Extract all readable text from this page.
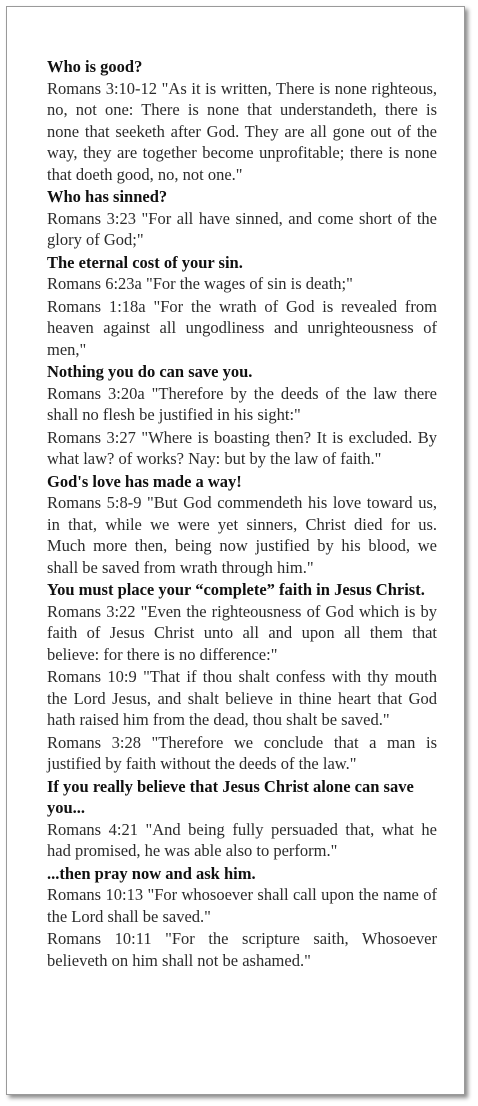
Who is good?

Romans 3:10-12 "As it is written, There is none righteous, no, not one: There is none that understandeth, there is none that seeketh after God. They are all gone out of the way, they are together become unprofitable; there is none that doeth good, no, not one."

Who has sinned?

Romans 3:23 "For all have sinned, and come short of the glory of God;"

The eternal cost of your sin.

Romans 6:23a "For the wages of sin is death;"

Romans 1:18a "For the wrath of God is revealed from heaven against all ungodliness and unrighteousness of men,"

Nothing you do can save you.

Romans 3:20a "Therefore by the deeds of the law there shall no flesh be justified in his sight:"

Romans 3:27 "Where is boasting then? It is excluded. By what law? of works? Nay: but by the law of faith."

God's love has made a way!

Romans 5:8-9 "But God commendeth his love toward us, in that, while we were yet sinners, Christ died for us. Much more then, being now justified by his blood, we shall be saved from wrath through him."

You must place your “complete” faith in Jesus Christ.

Romans 3:22 "Even the righteousness of God which is by faith of Jesus Christ unto all and upon all them that believe: for there is no difference:"

Romans 10:9 "That if thou shalt confess with thy mouth the Lord Jesus, and shalt believe in thine heart that God hath raised him from the dead, thou shalt be saved."

Romans 3:28 "Therefore we conclude that a man is justified by faith without the deeds of the law."

If you really believe that Jesus Christ alone can save you...

Romans 4:21 "And being fully persuaded that, what he had promised, he was able also to perform."

...then pray now and ask him.

Romans 10:13 "For whosoever shall call upon the name of the Lord shall be saved."

Romans 10:11 "For the scripture saith, Whosoever believeth on him shall not be ashamed."
